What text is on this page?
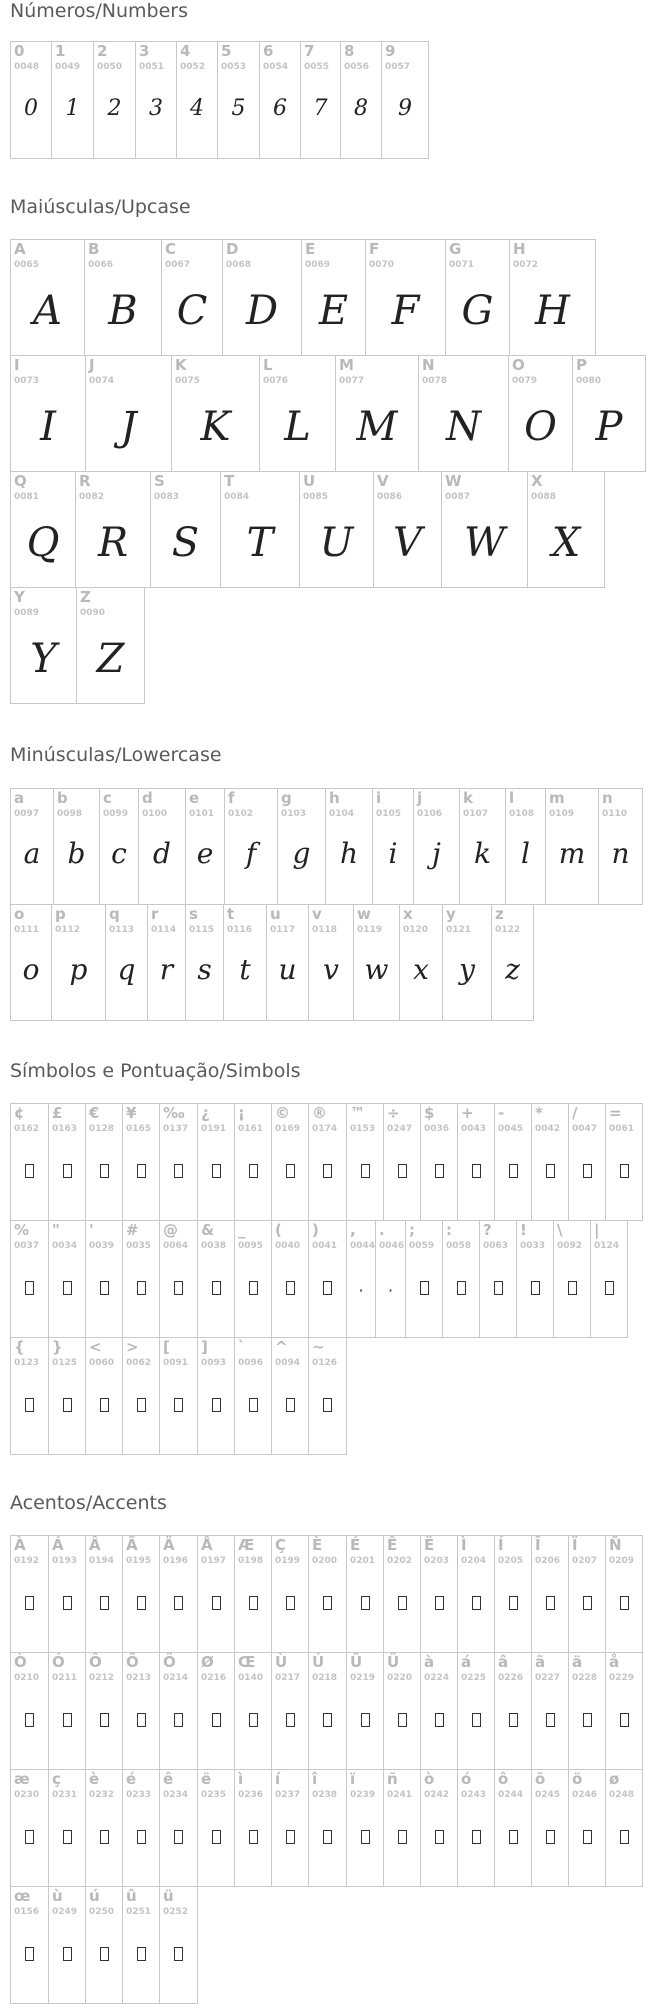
Números/Numbers
0
0048
0
1
0049
1
2
0050
2
3
0051
3
4
0052
4
5
0053
5
6
0054
6
7
0055
7
8
0056
8
9
0057
9
Maiúsculas/Upcase
A
0065
A
B
0066
B
C
0067
C
D
0068
D
E
0069
E
F
0070
F
G
0071
G
H
0072
H
I
0073
I
J
0074
J
K
0075
K
L
0076
L
M
0077
M
N
0078
N
O
0079
O
P
0080
P
Q
0081
Q
R
0082
R
S
0083
S
T
0084
T
U
0085
U
V
0086
V
W
0087
W
X
0088
X
Y
0089
Y
Z
0090
Z
Minúsculas/Lowercase
a
0097
a
b
0098
b
c
0099
c
d
0100
d
e
0101
e
f
0102
f
g
0103
g
h
0104
h
i
0105
i
j
0106
j
k
0107
k
l
0108
l
m
0109
m
n
0110
n
o
0111
o
p
0112
p
q
0113
q
r
0114
r
s
0115
s
t
0116
t
u
0117
u
v
0118
v
w
0119
w
x
0120
x
y
0121
y
z
0122
z
Símbolos e Pontuação/Simbols
¢
0162
£
0163
€
0128
¥
0165
‰
0137
¿
0191
¡
0161
©
0169
®
0174
™
0153
÷
0247
$
0036
+
0043
-
0045
*
0042
/
0047
=
0061
%
0037
"
0034
'
0039
#
0035
@
0064
&
0038
_
0095
(
0040
)
0041
,
0044
·
.
0046
·
;
0059
:
0058
?
0063
!
0033
\
0092
|
0124
{
0123
}
0125
<
0060
>
0062
[
0091
]
0093
`
0096
^
0094
~
0126
Acentos/Accents
À
0192
Á
0193
Â
0194
Ã
0195
Ä
0196
Å
0197
Æ
0198
Ç
0199
È
0200
É
0201
Ê
0202
Ë
0203
Ì
0204
Í
0205
Î
0206
Ï
0207
Ñ
0209
Ò
0210
Ó
0211
Ô
0212
Õ
0213
Ö
0214
Ø
0216
Œ
0140
Ù
0217
Ú
0218
Û
0219
Ü
0220
à
0224
á
0225
â
0226
ã
0227
ä
0228
å
0229
æ
0230
ç
0231
è
0232
é
0233
ê
0234
ë
0235
ì
0236
í
0237
î
0238
ï
0239
ñ
0241
ò
0242
ó
0243
ô
0244
õ
0245
ö
0246
ø
0248
œ
0156
ù
0249
ú
0250
û
0251
ü
0252
